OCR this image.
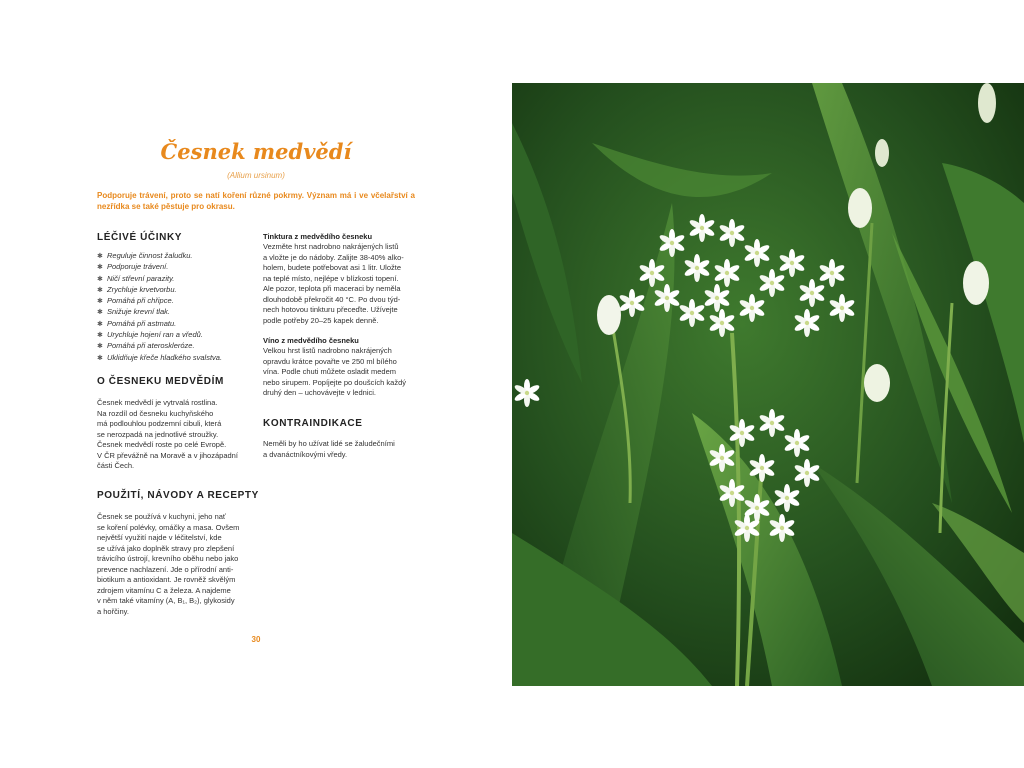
Česnek medvědí

(Allium ursinum)

Podporuje trávení, proto se natí koření různé pokrmy. Význam má i ve včelařství a nezřídka se také pěstuje pro okrasu.

LÉČIVÉ ÚČINKY
✱ Reguluje činnost žaludku.
✱ Podporuje trávení.
✱ Ničí střevní parazity.
✱ Zrychluje krvetvorbu.
✱ Pomáhá při chřipce.
✱ Snižuje krevní tlak.
✱ Pomáhá při astmatu.
✱ Urychluje hojení ran a vředů.
✱ Pomáhá při ateroskleróze.
✱ Uklidňuje křeče hladkého svalstva.
O ČESNEKU MEDVĚDÍM

Česnek medvědí je vytrvalá rostlina.
Na rozdíl od česneku kuchyňského
má podlouhlou podzemní cibuli, která
se nerozpadá na jednotlivé stroužky.
Česnek medvědí roste po celé Evropě.
V ČR převážně na Moravě a v jihozápadní
části Čech.

POUŽITÍ, NÁVODY A RECEPTY

Česnek se používá v kuchyni, jeho nať
se koření polévky, omáčky a masa. Ovšem
největší využití najde v léčitelství, kde
se užívá jako doplněk stravy pro zlepšení
trávicího ústrojí, krevního oběhu nebo jako
prevence nachlazení. Jde o přírodní anti-
biotikum a antioxidant. Je rovněž skvělým
zdrojem vitamínu C a železa. A najdeme
v něm také vitamíny (A, B₁, B₂), glykosidy
a hořčiny.

Tinktura z medvědího česneku

Vezměte hrst nadrobno nakrájených listů
a vložte je do nádoby. Zalijte 38-40% alko-
holem, budete potřebovat asi 1 litr. Uložte
na teplé místo, nejlépe v blízkosti topení.
Ale pozor, teplota při maceraci by neměla
dlouhodobě překročit 40 °C. Po dvou týd-
nech hotovou tinkturu přeceďte. Užívejte
podle potřeby 20–25 kapek denně.

Víno z medvědího česneku

Velkou hrst listů nadrobno nakrájených
opravdu krátce povařte ve 250 ml bílého
vína. Podle chuti můžete osladit medem
nebo sirupem. Popíjejte po doušcích každý
druhý den – uchovávejte v lednici.

KONTRAINDIKACE

Neměli by ho užívat lidé se žaludečními
a dvanáctníkovými vředy.

30
